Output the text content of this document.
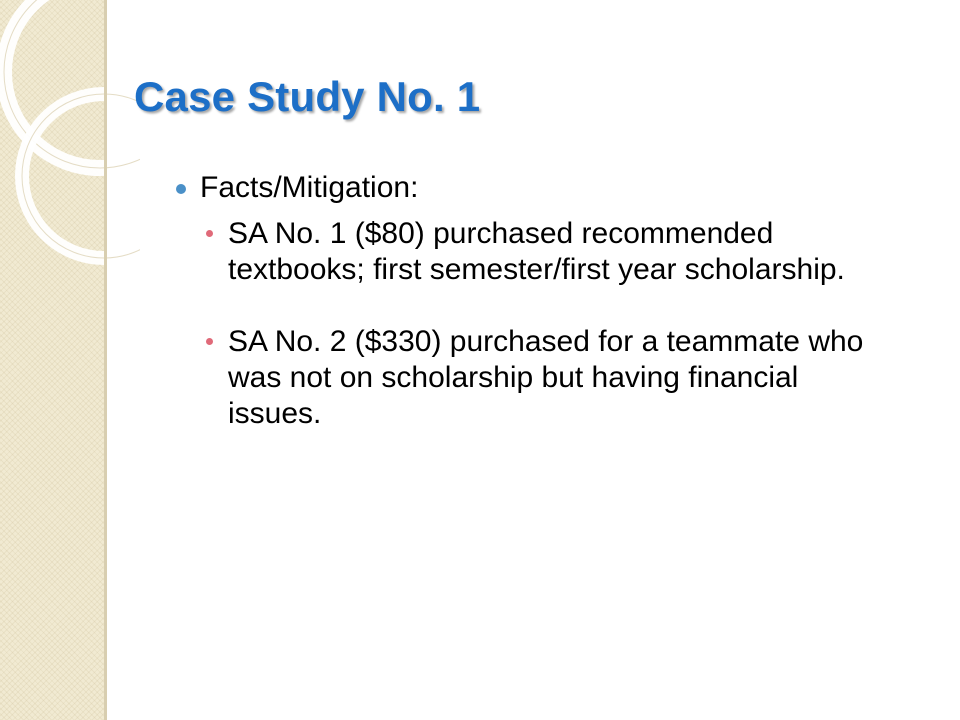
Case Study No. 1
Facts/Mitigation:
SA No. 1 ($80) purchased recommended textbooks; first semester/first year scholarship.
SA No. 2 ($330) purchased for a teammate who was not on scholarship but having financial issues.
